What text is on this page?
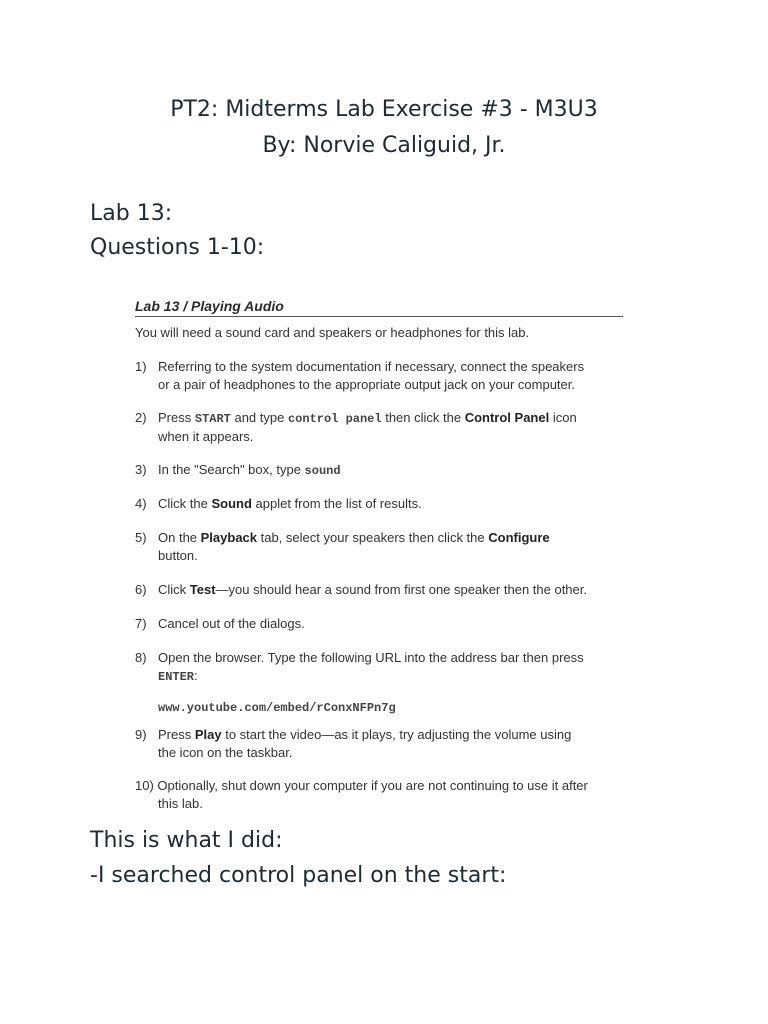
PT2: Midterms Lab Exercise #3 - M3U3
By: Norvie Caliguid, Jr.
Lab 13:
Questions 1-10:
Lab 13 / Playing Audio
You will need a sound card and speakers or headphones for this lab.
1) Referring to the system documentation if necessary, connect the speakers
or a pair of headphones to the appropriate output jack on your computer.
2) Press START and type control panel then click the Control Panel icon
when it appears.
3) In the "Search" box, type sound
4) Click the Sound applet from the list of results.
5) On the Playback tab, select your speakers then click the Configure
button.
6) Click Test—you should hear a sound from first one speaker then the other.
7) Cancel out of the dialogs.
8) Open the browser. Type the following URL into the address bar then press
ENTER:
www.youtube.com/embed/rConxNFPn7g
9) Press Play to start the video—as it plays, try adjusting the volume using
the icon on the taskbar.
10) Optionally, shut down your computer if you are not continuing to use it after
this lab.
This is what I did:
-I searched control panel on the start:
